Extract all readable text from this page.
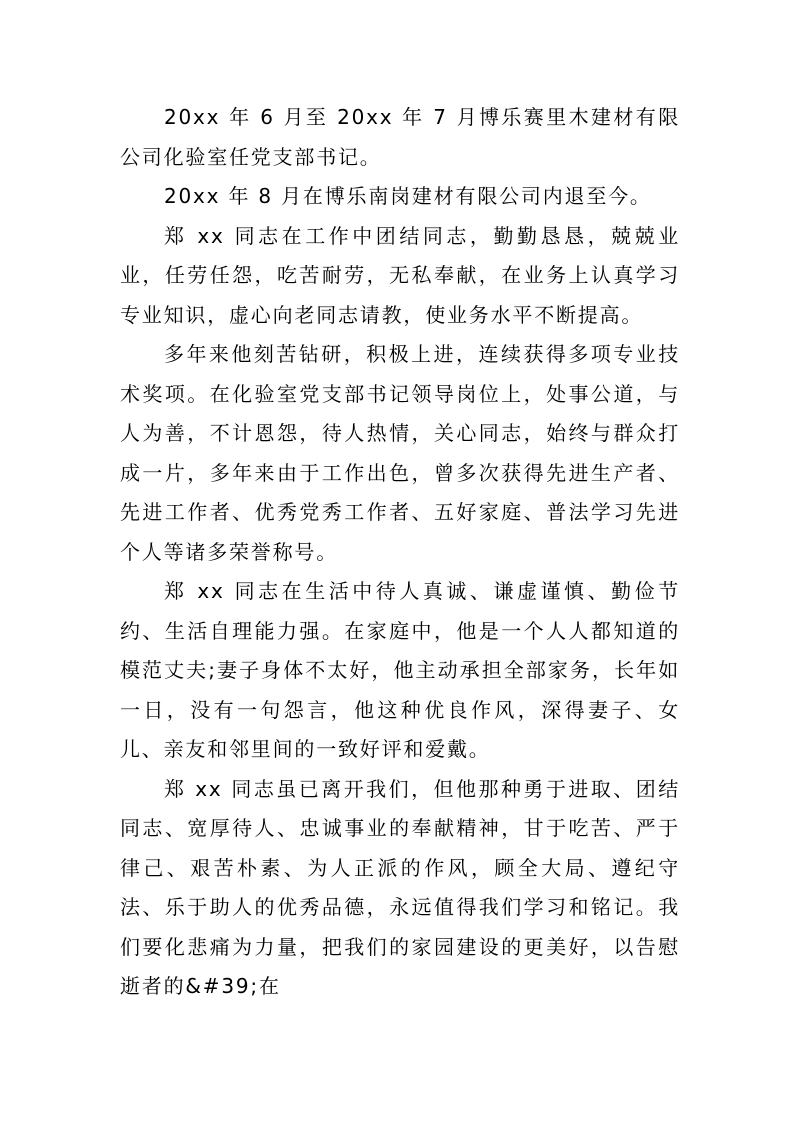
20xx 年 6 月至 20xx 年 7 月博乐赛里木建材有限公司化验室任党支部书记。

20xx 年 8 月在博乐南岗建材有限公司内退至今。

郑 xx 同志在工作中团结同志，勤勤恳恳，兢兢业业，任劳任怨，吃苦耐劳，无私奉献，在业务上认真学习专业知识，虚心向老同志请教，使业务水平不断提高。

多年来他刻苦钻研，积极上进，连续获得多项专业技术奖项。在化验室党支部书记领导岗位上，处事公道，与人为善，不计恩怨，待人热情，关心同志，始终与群众打成一片，多年来由于工作出色，曾多次获得先进生产者、先进工作者、优秀党秀工作者、五好家庭、普法学习先进个人等诸多荣誉称号。

郑 xx 同志在生活中待人真诚、谦虚谨慎、勤俭节约、生活自理能力强。在家庭中，他是一个人人都知道的模范丈夫;妻子身体不太好，他主动承担全部家务，长年如一日，没有一句怨言，他这种优良作风，深得妻子、女儿、亲友和邻里间的一致好评和爱戴。

郑 xx 同志虽已离开我们，但他那种勇于进取、团结同志、宽厚待人、忠诚事业的奉献精神，甘于吃苦、严于律己、艰苦朴素、为人正派的作风，顾全大局、遵纪守法、乐于助人的优秀品德，永远值得我们学习和铭记。我们要化悲痛为力量，把我们的家园建设的更美好，以告慰逝者的&#39;在
